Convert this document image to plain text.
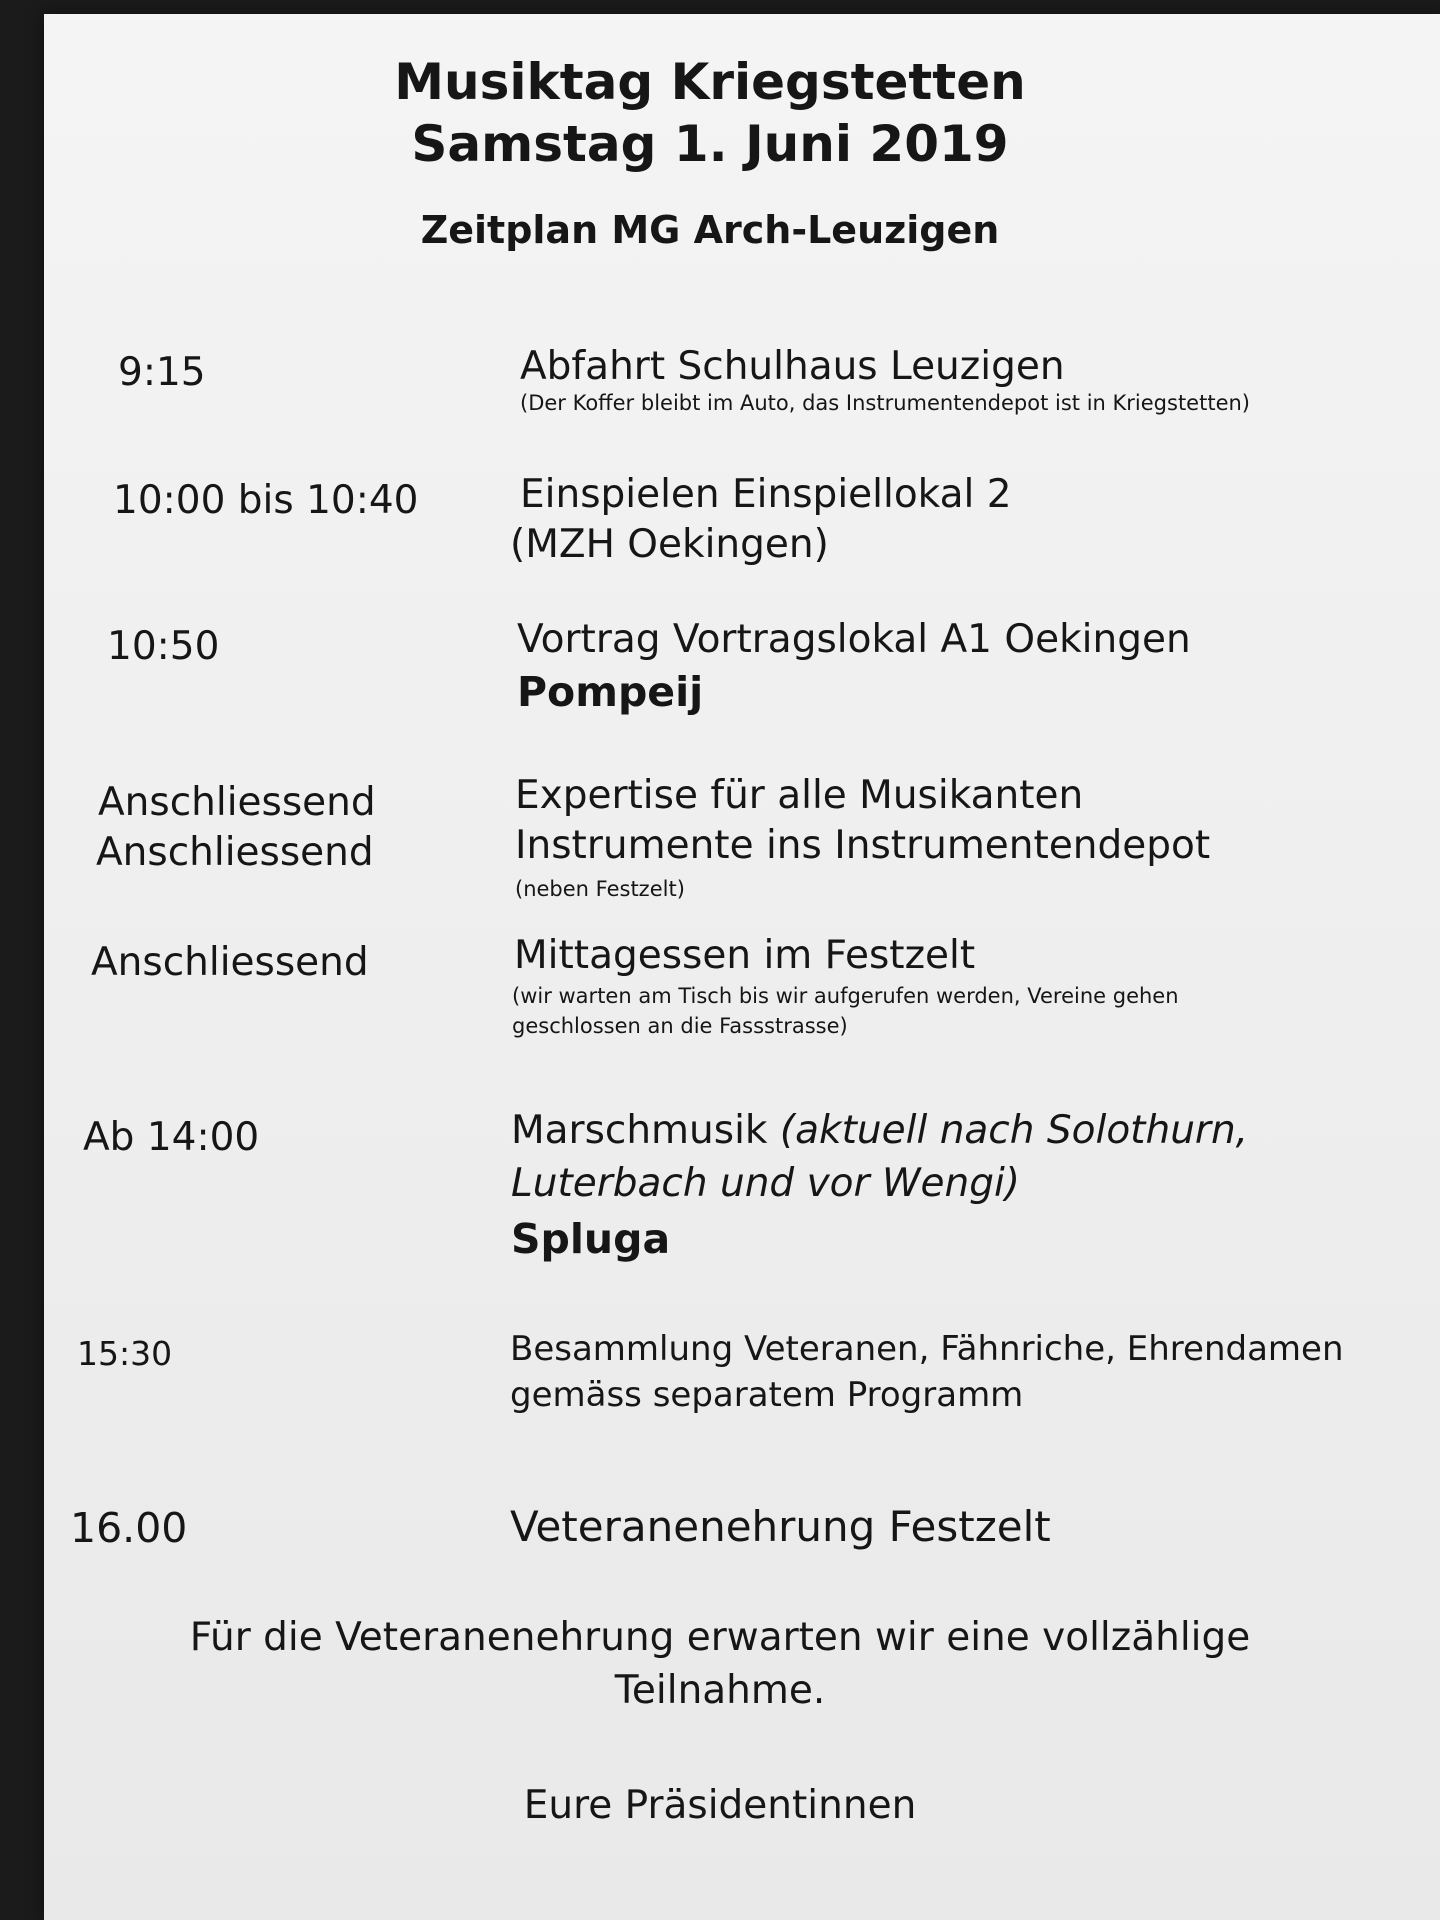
Musiktag Kriegstetten
Samstag 1. Juni 2019
Zeitplan MG Arch-Leuzigen
9:15	Abfahrt Schulhaus Leuzigen
(Der Koffer bleibt im Auto, das Instrumentendepot ist in Kriegstetten)
10:00 bis 10:40	Einspielen Einspiellokal 2
(MZH Oekingen)
10:50	Vortrag Vortragslokal A1 Oekingen
Pompeij
Anschliessend	Expertise für alle Musikanten
Anschliessend	Instrumente ins Instrumentendepot
(neben Festzelt)
Anschliessend	Mittagessen im Festzelt
(wir warten am Tisch bis wir aufgerufen werden, Vereine gehen geschlossen an die Fassstrasse)
Ab 14:00	Marschmusik (aktuell nach Solothurn,
Luterbach und vor Wengi)
Spluga
15:30	Besammlung Veteranen, Fähnriche, Ehrendamen
gemäss separatem Programm
16.00	Veteranenehrung Festzelt
Für die Veteranenehrung erwarten wir eine vollzählige
Teilnahme.
Eure Präsidentinnen
